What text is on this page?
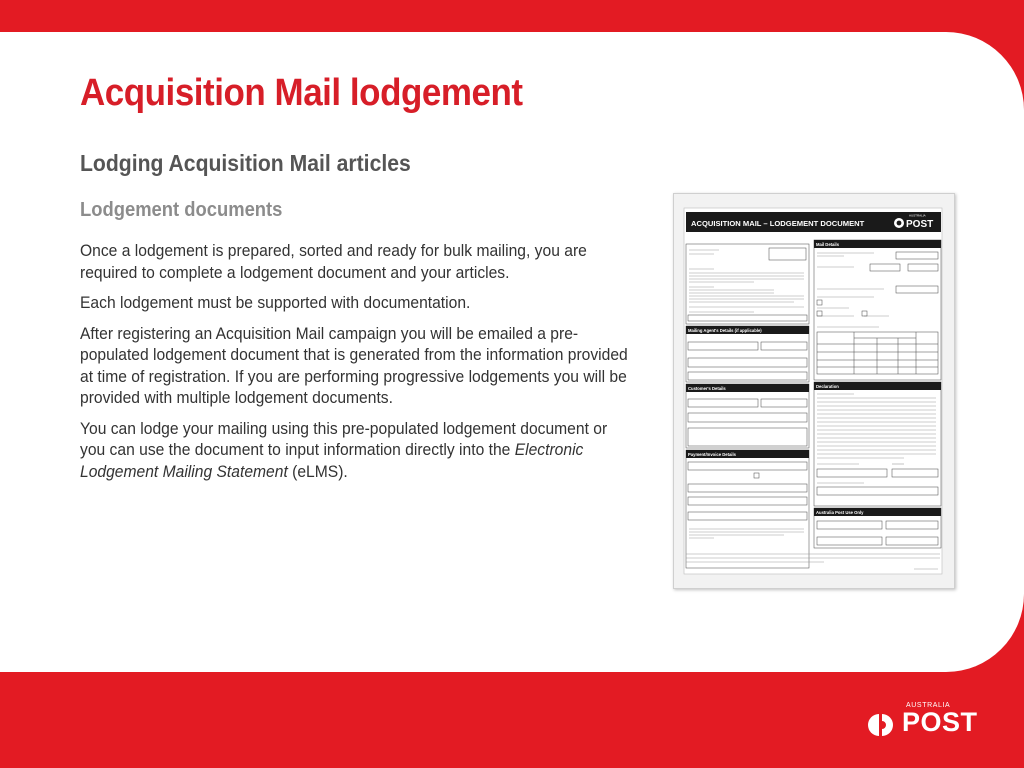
Acquisition Mail lodgement
Lodging Acquisition Mail articles
Lodgement documents

Once a lodgement is prepared, sorted and ready for bulk mailing, you are required to complete a lodgement document and your articles.

Each lodgement must be supported with documentation.

After registering an Acquisition Mail campaign you will be emailed a pre-populated lodgement document that is generated from the information provided at time of registration. If you are performing progressive lodgements you will be provided with multiple lodgement documents.

You can lodge your mailing using this pre-populated lodgement document or you can use the document to input information directly into the Electronic Lodgement Mailing Statement (eLMS).

ACQUISITION MAIL – LODGEMENT DOCUMENT
AUSTRALIA
POST
Mailing Agent's Details (if applicable)
Customer's Details
Payment/Invoice Details
Mail Details
Declaration
Australia Post Use Only
AUSTRALIA
POST
